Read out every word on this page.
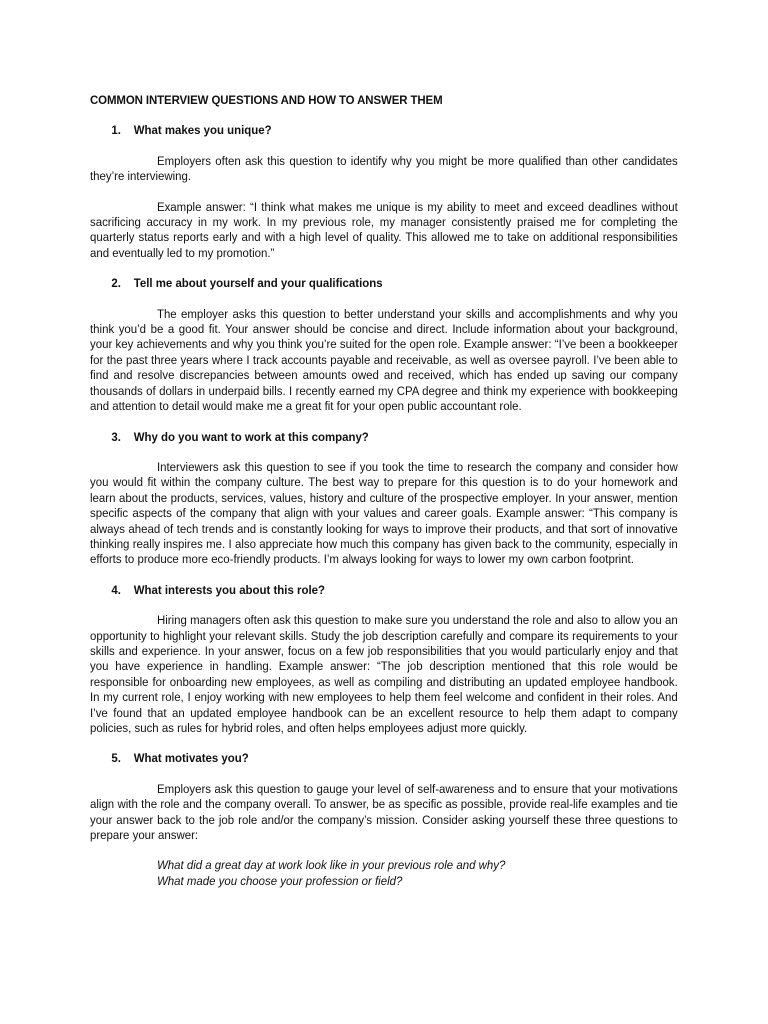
COMMON INTERVIEW QUESTIONS AND HOW TO ANSWER THEM
1.	What makes you unique?

Employers often ask this question to identify why you might be more qualified than other candidates they’re interviewing.

Example answer: “I think what makes me unique is my ability to meet and exceed deadlines without sacrificing accuracy in my work. In my previous role, my manager consistently praised me for completing the quarterly status reports early and with a high level of quality. This allowed me to take on additional responsibilities and eventually led to my promotion.”

2.	Tell me about yourself and your qualifications

The employer asks this question to better understand your skills and accomplishments and why you think you’d be a good fit. Your answer should be concise and direct. Include information about your background, your key achievements and why you think you’re suited for the open role. Example answer: “I’ve been a bookkeeper for the past three years where I track accounts payable and receivable, as well as oversee payroll. I’ve been able to find and resolve discrepancies between amounts owed and received, which has ended up saving our company thousands of dollars in underpaid bills. I recently earned my CPA degree and think my experience with bookkeeping and attention to detail would make me a great fit for your open public accountant role.

3.	Why do you want to work at this company?

Interviewers ask this question to see if you took the time to research the company and consider how you would fit within the company culture. The best way to prepare for this question is to do your homework and learn about the products, services, values, history and culture of the prospective employer. In your answer, mention specific aspects of the company that align with your values and career goals. Example answer: “This company is always ahead of tech trends and is constantly looking for ways to improve their products, and that sort of innovative thinking really inspires me. I also appreciate how much this company has given back to the community, especially in efforts to produce more eco-friendly products. I’m always looking for ways to lower my own carbon footprint.

4.	What interests you about this role?

Hiring managers often ask this question to make sure you understand the role and also to allow you an opportunity to highlight your relevant skills. Study the job description carefully and compare its requirements to your skills and experience. In your answer, focus on a few job responsibilities that you would particularly enjoy and that you have experience in handling. Example answer: “The job description mentioned that this role would be responsible for onboarding new employees, as well as compiling and distributing an updated employee handbook. In my current role, I enjoy working with new employees to help them feel welcome and confident in their roles. And I’ve found that an updated employee handbook can be an excellent resource to help them adapt to company policies, such as rules for hybrid roles, and often helps employees adjust more quickly.

5.	What motivates you?

Employers ask this question to gauge your level of self-awareness and to ensure that your motivations align with the role and the company overall. To answer, be as specific as possible, provide real-life examples and tie your answer back to the job role and/or the company’s mission. Consider asking yourself these three questions to prepare your answer:

What did a great day at work look like in your previous role and why?
What made you choose your profession or field?
